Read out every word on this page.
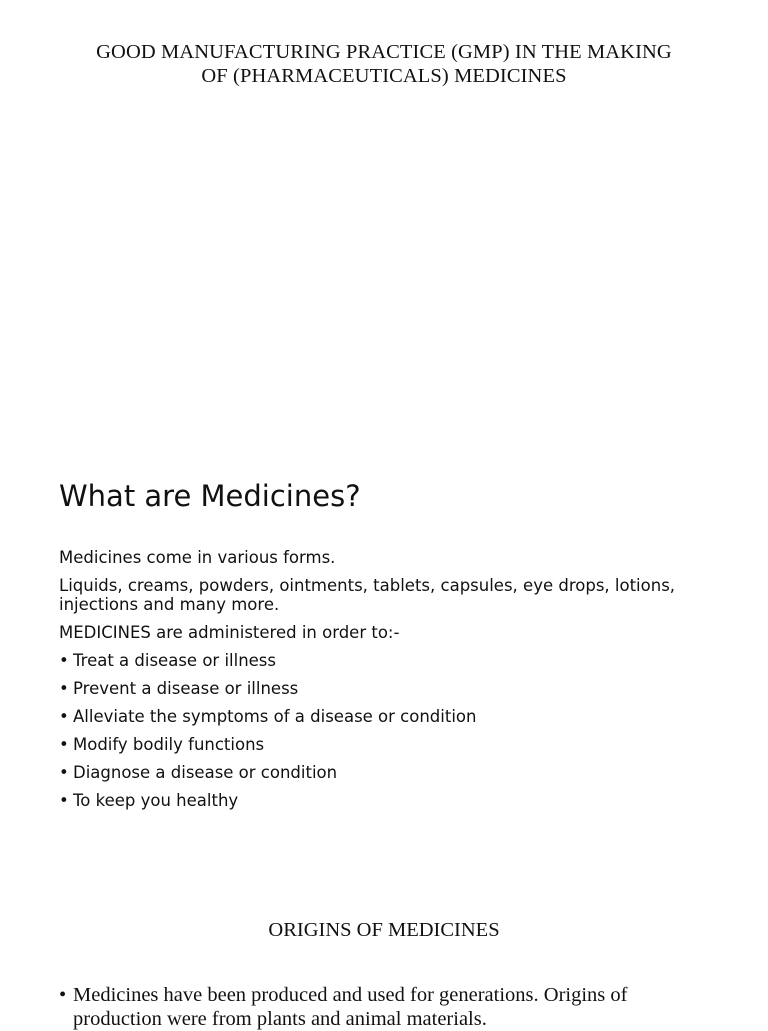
GOOD MANUFACTURING PRACTICE (GMP) IN THE MAKING
OF (PHARMACEUTICALS) MEDICINES
What are Medicines?

Medicines come in various forms.

Liquids, creams, powders, ointments, tablets, capsules, eye drops, lotions, injections and many more.

MEDICINES are administered in order to:-

• Treat a disease or illness
• Prevent a disease or illness
• Alleviate the symptoms of a disease or condition
• Modify bodily functions
• Diagnose a disease or condition
• To keep you healthy
ORIGINS OF MEDICINES
• Medicines have been produced and used for generations. Origins of production were from plants and animal materials.
